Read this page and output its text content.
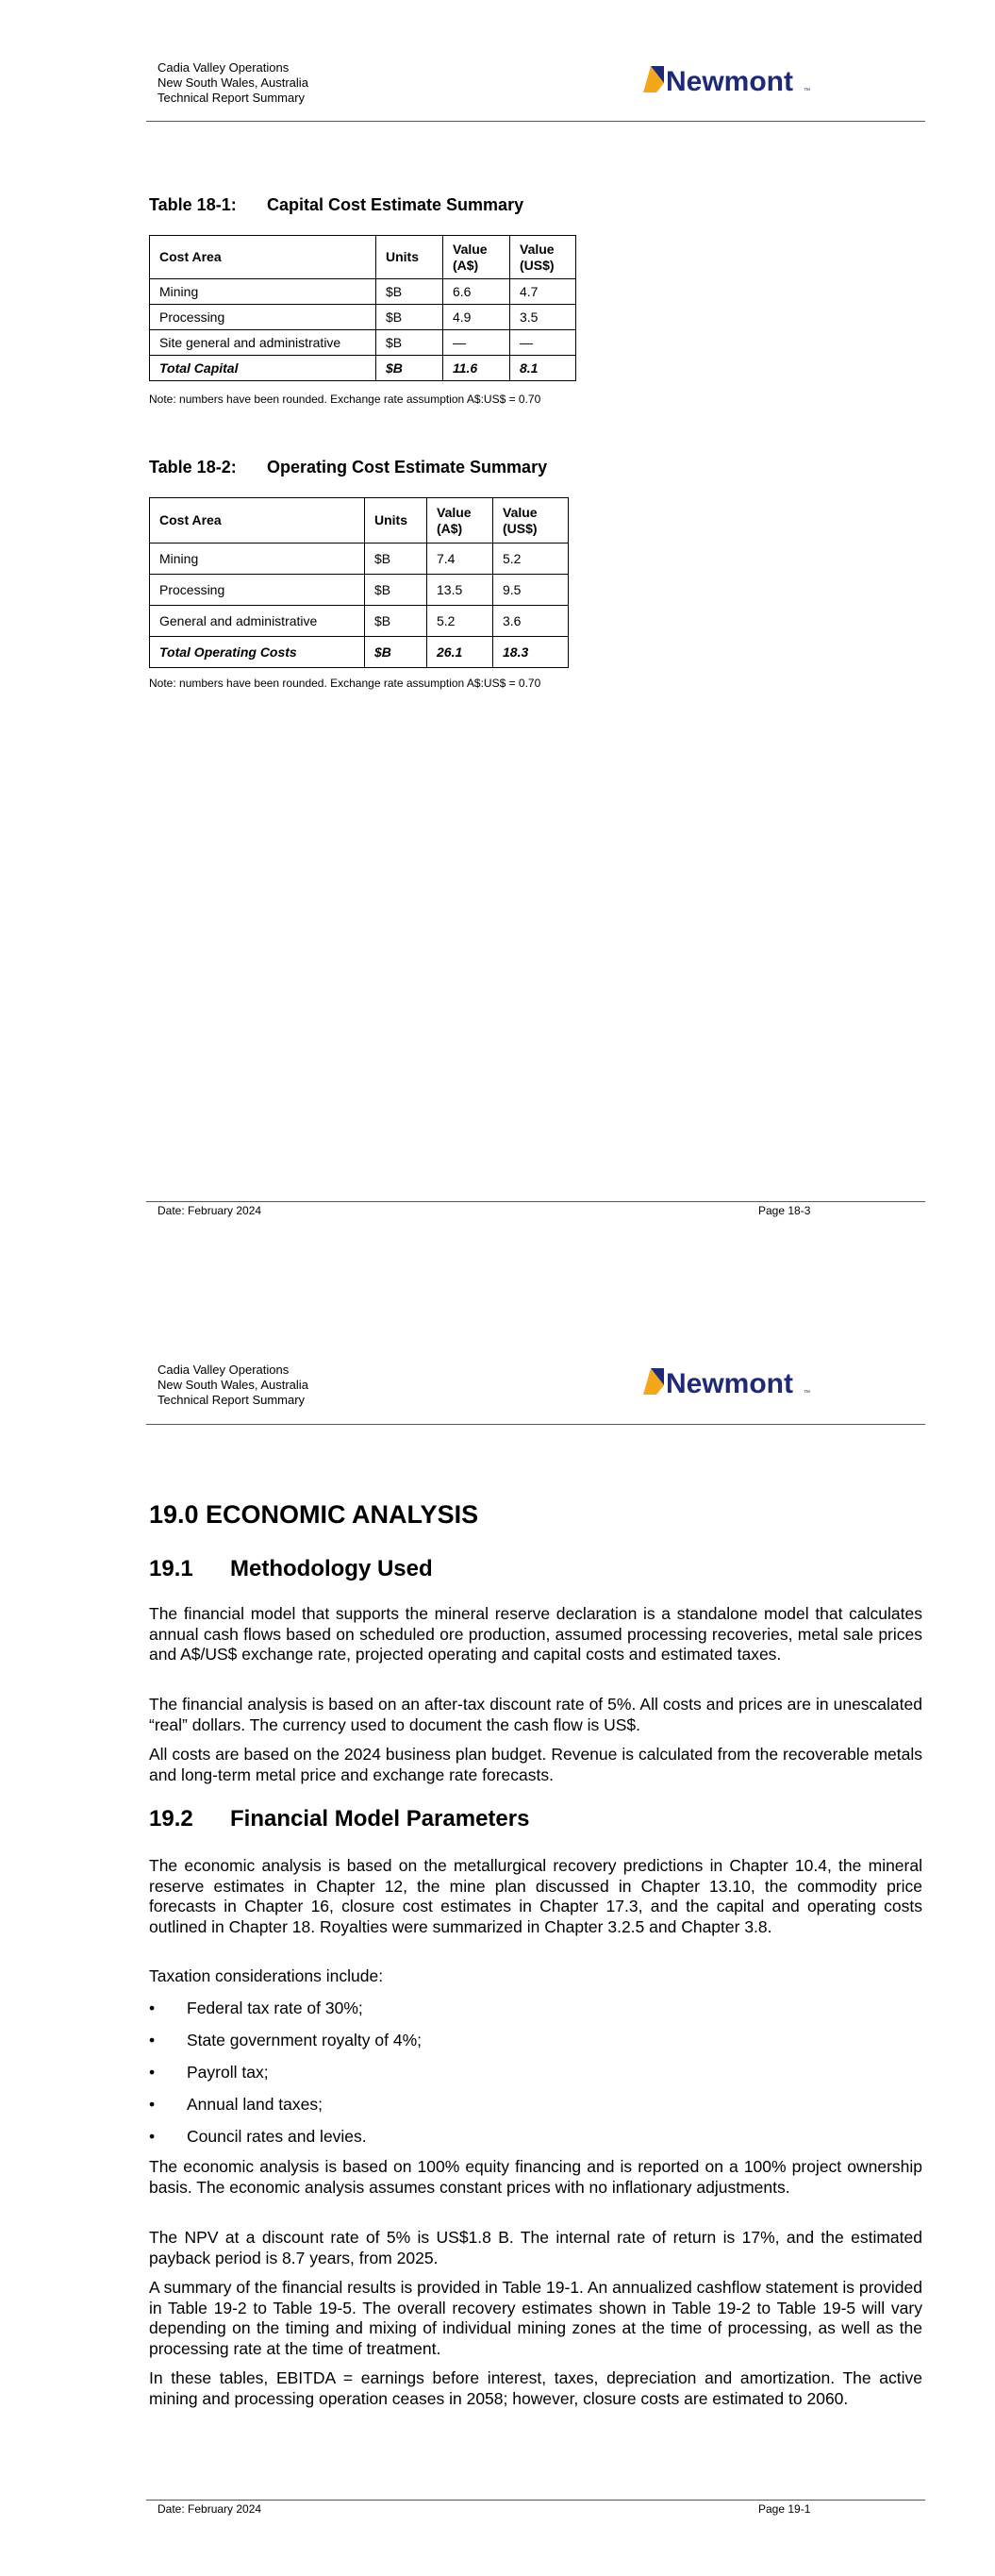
Cadia Valley Operations
New South Wales, Australia
Technical Report Summary
Newmont ™
Table 18-1: Capital Cost Estimate Summary
Cost Area	Units	Value (A$)	Value (US$)
Mining	$B	6.6	4.7
Processing	$B	4.9	3.5
Site general and administrative	$B	—	—
Total Capital	$B	11.6	8.1
Note: numbers have been rounded. Exchange rate assumption A$:US$ = 0.70
Table 18-2: Operating Cost Estimate Summary
Cost Area	Units	Value (A$)	Value (US$)
Mining	$B	7.4	5.2
Processing	$B	13.5	9.5
General and administrative	$B	5.2	3.6
Total Operating Costs	$B	26.1	18.3
Note: numbers have been rounded. Exchange rate assumption A$:US$ = 0.70
Date: February 2024	Page 18-3
Cadia Valley Operations
New South Wales, Australia
Technical Report Summary
Newmont ™
19.0 ECONOMIC ANALYSIS
19.1 Methodology Used
The financial model that supports the mineral reserve declaration is a standalone model that calculates annual cash flows based on scheduled ore production, assumed processing recoveries, metal sale prices and A$/US$ exchange rate, projected operating and capital costs and estimated taxes.
The financial analysis is based on an after-tax discount rate of 5%. All costs and prices are in unescalated “real” dollars. The currency used to document the cash flow is US$.
All costs are based on the 2024 business plan budget. Revenue is calculated from the recoverable metals and long-term metal price and exchange rate forecasts.
19.2 Financial Model Parameters
The economic analysis is based on the metallurgical recovery predictions in Chapter 10.4, the mineral reserve estimates in Chapter 12, the mine plan discussed in Chapter 13.10, the commodity price forecasts in Chapter 16, closure cost estimates in Chapter 17.3, and the capital and operating costs outlined in Chapter 18. Royalties were summarized in Chapter 3.2.5 and Chapter 3.8.
Taxation considerations include:
• Federal tax rate of 30%;
• State government royalty of 4%;
• Payroll tax;
• Annual land taxes;
• Council rates and levies.
The economic analysis is based on 100% equity financing and is reported on a 100% project ownership basis. The economic analysis assumes constant prices with no inflationary adjustments.
The NPV at a discount rate of 5% is US$1.8 B. The internal rate of return is 17%, and the estimated payback period is 8.7 years, from 2025.
A summary of the financial results is provided in Table 19-1. An annualized cashflow statement is provided in Table 19-2 to Table 19-5. The overall recovery estimates shown in Table 19-2 to Table 19-5 will vary depending on the timing and mixing of individual mining zones at the time of processing, as well as the processing rate at the time of treatment.
In these tables, EBITDA = earnings before interest, taxes, depreciation and amortization. The active mining and processing operation ceases in 2058; however, closure costs are estimated to 2060.
Date: February 2024	Page 19-1
